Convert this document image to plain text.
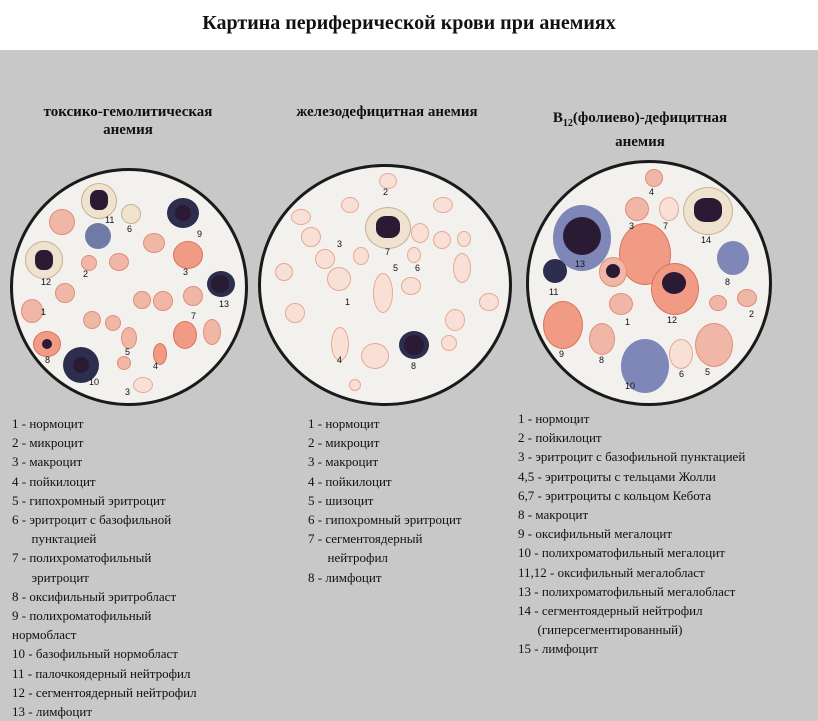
Картина периферической крови при анемиях
токсико-гемолитическая
анемия
железодефицитная анемия	$B_{12}(фолиево)$-дефицитная
анемия
11
6	9
2	3
12
13
1	7
5
8
4
10
3
2
3
7
5 6
1
4
8
4
7
3
14
13
11
8
1	12
2
9
8
10
6 5
1 - нормоцит
2 - микроцит
3 - макроцит
4 - пойкилоцит
5 - гипохромный эритроцит
6 - эритроцит с базофильной
пунктацией
7 - полихроматофильный
эритроцит
8 - оксифильный эритробласт
9 - полихроматофильный
нормобласт
10 - базофильный нормобласт
11 - палочкоядерный нейтрофил
12 - сегментоядерный нейтрофил
13 - лимфоцит
1 - нормоцит
2 - микроцит
3 - макроцит
4 - пойкилоцит
5 - шизоцит
6 - гипохромный эритроцит
7 - сегментоядерный
нейтрофил
8 - лимфоцит
1 - нормоцит
2 - пойкилоцит
3 - эритроцит с базофильной пунктацией
4,5 - эритроциты с тельцами Жолли
6,7 - эритроциты с кольцом Кебота
8 - макроцит
9 - оксифильный мегалоцит
10 - полихроматофильный мегалоцит
11,12 - оксифильный мегалобласт
13 - полихроматофильный мегалобласт
14 - сегментоядерный нейтрофил
(гиперсегментированный)
15 - лимфоцит
